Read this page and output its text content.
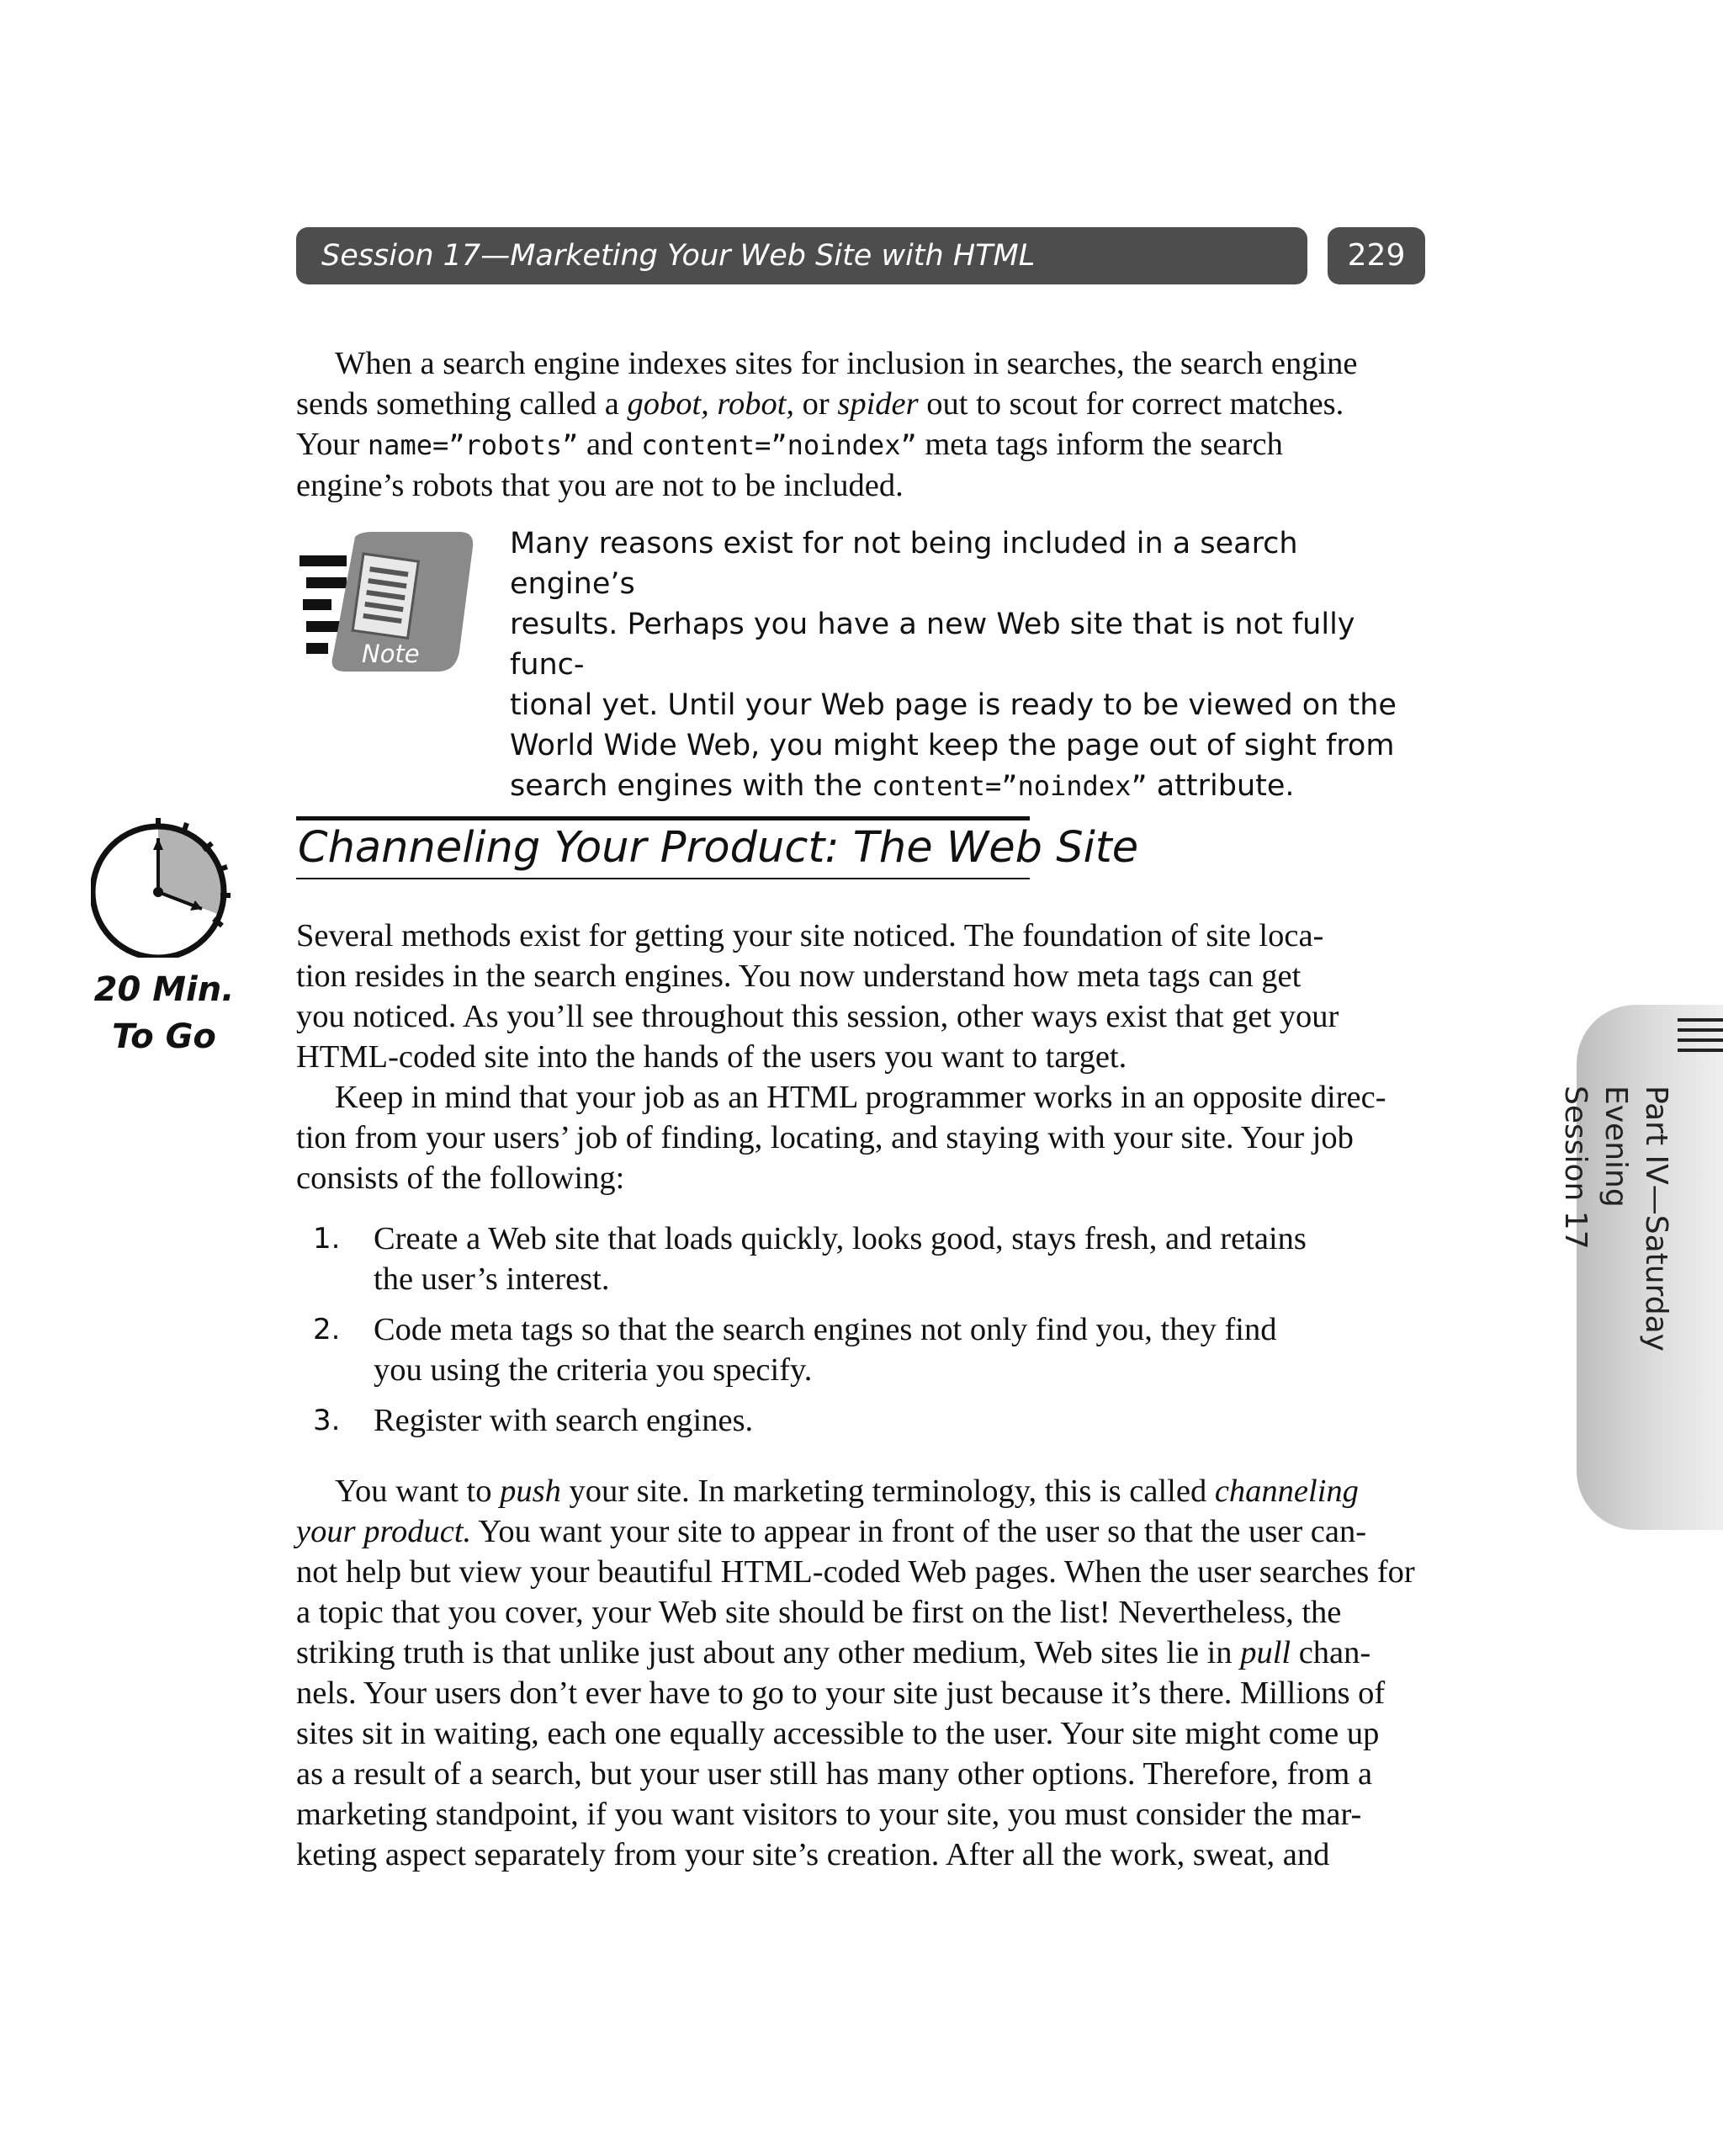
Session 17—Marketing Your Web Site with HTML	229

When a search engine indexes sites for inclusion in searches, the search engine
sends something called a gobot, robot, or spider out to scout for correct matches.
Your name=”robots” and content=”noindex” meta tags inform the search
engine’s robots that you are not to be included.

Note

Many reasons exist for not being included in a search engine’s
results. Perhaps you have a new Web site that is not fully func-
tional yet. Until your Web page is ready to be viewed on the
World Wide Web, you might keep the page out of sight from
search engines with the content=”noindex” attribute.

20 Min.
To Go
Channeling Your Product: The Web Site

Several methods exist for getting your site noticed. The foundation of site loca-
tion resides in the search engines. You now understand how meta tags can get
you noticed. As you’ll see throughout this session, other ways exist that get your
HTML-coded site into the hands of the users you want to target.

Keep in mind that your job as an HTML programmer works in an opposite direc-
tion from your users’ job of finding, locating, and staying with your site. Your job
consists of the following:

1. Create a Web site that loads quickly, looks good, stays fresh, and retains
the user’s interest.

2. Code meta tags so that the search engines not only find you, they find
you using the criteria you specify.

3. Register with search engines.

You want to push your site. In marketing terminology, this is called channeling
your product. You want your site to appear in front of the user so that the user can-
not help but view your beautiful HTML-coded Web pages. When the user searches for
a topic that you cover, your Web site should be first on the list! Nevertheless, the
striking truth is that unlike just about any other medium, Web sites lie in pull chan-
nels. Your users don’t ever have to go to your site just because it’s there. Millions of
sites sit in waiting, each one equally accessible to the user. Your site might come up
as a result of a search, but your user still has many other options. Therefore, from a
marketing standpoint, if you want visitors to your site, you must consider the mar-
keting aspect separately from your site’s creation. After all the work, sweat, and

Part IV—Saturday Evening
Session 17
